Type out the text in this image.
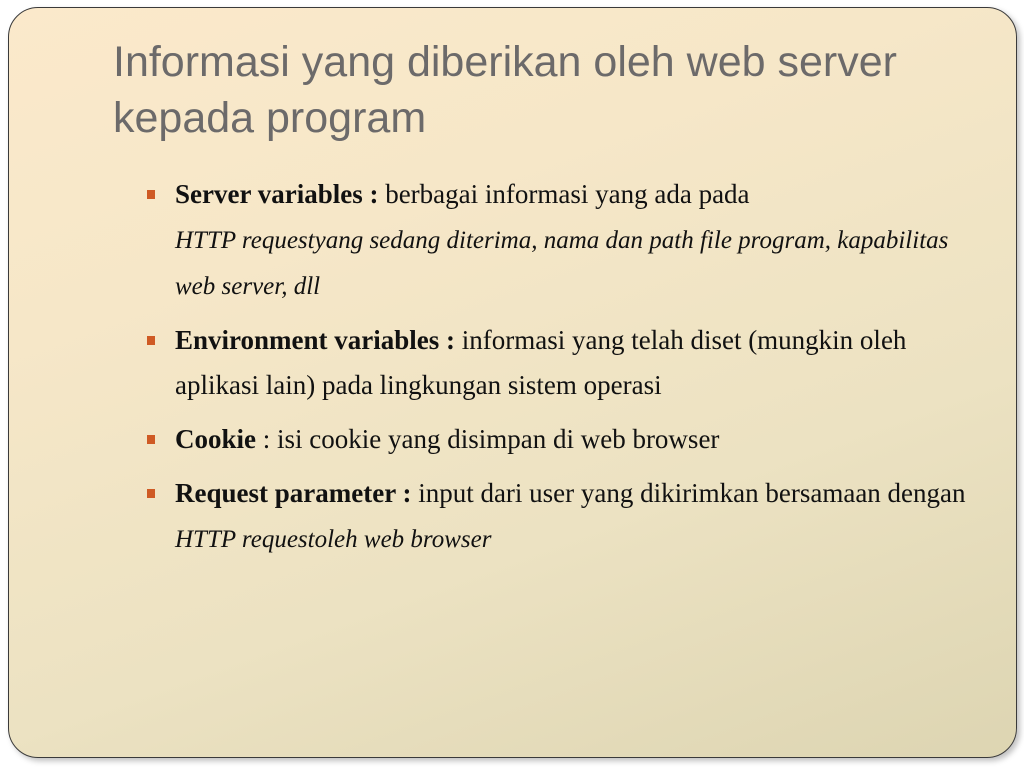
Informasi yang diberikan oleh web server kepada program
Server variables : berbagai informasi yang ada pada
HTTP requestyang sedang diterima, nama dan path file program, kapabilitas web server, dll
Environment variables : informasi yang telah diset (mungkin oleh aplikasi lain) pada lingkungan sistem operasi
Cookie : isi cookie yang disimpan di web browser
Request parameter : input dari user yang dikirimkan bersamaan dengan HTTP requestoleh web browser
